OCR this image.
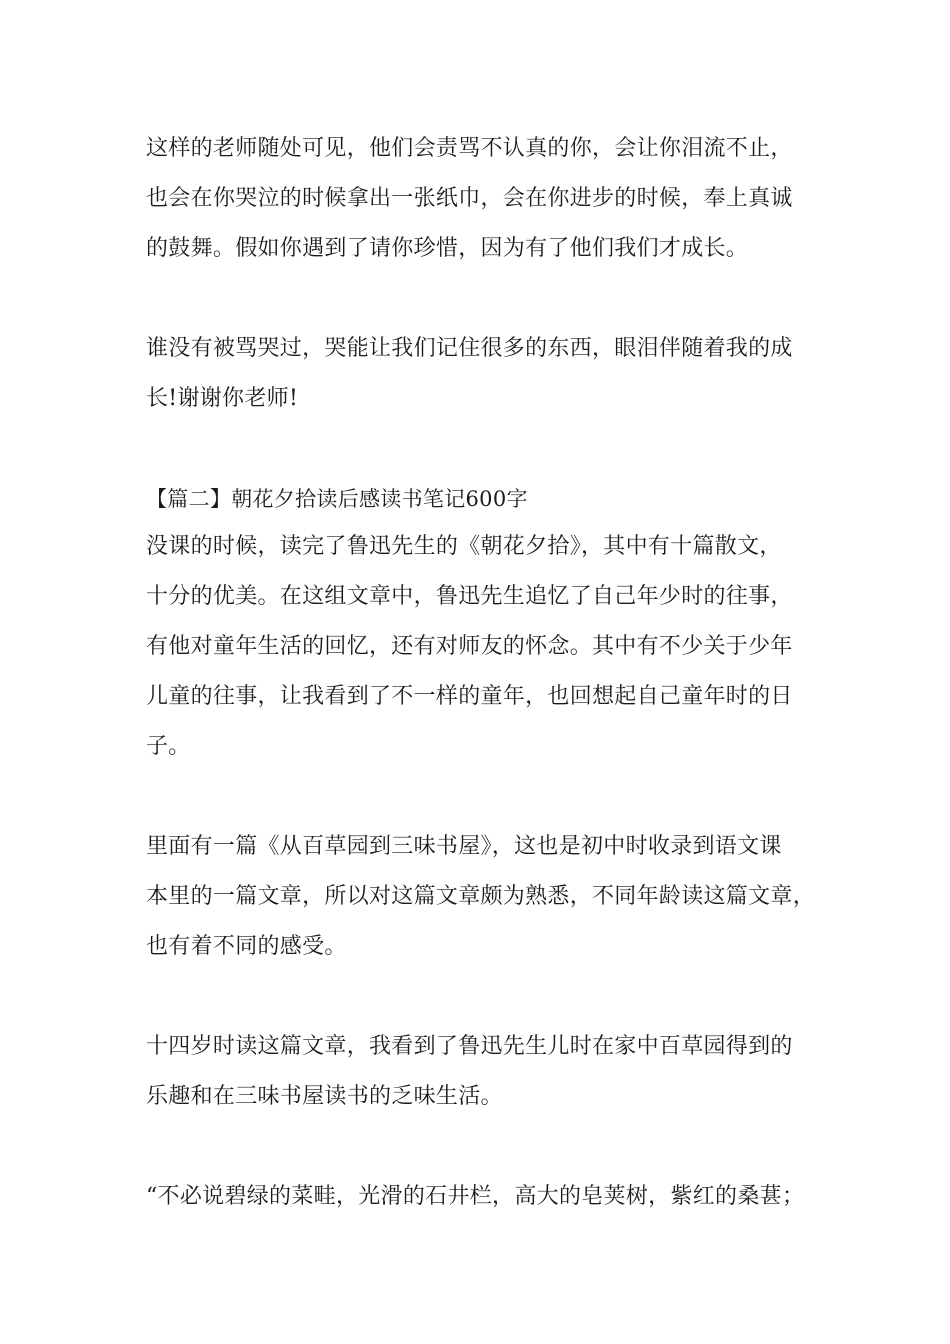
这样的老师随处可见，他们会责骂不认真的你，会让你泪流不止，
也会在你哭泣的时候拿出一张纸巾，会在你进步的时候，奉上真诚
的鼓舞。假如你遇到了请你珍惜，因为有了他们我们才成长。
谁没有被骂哭过，哭能让我们记住很多的东西，眼泪伴随着我的成
长!谢谢你老师!
【篇二】朝花夕拾读后感读书笔记600字
没课的时候，读完了鲁迅先生的《朝花夕拾》，其中有十篇散文，
十分的优美。在这组文章中，鲁迅先生追忆了自己年少时的往事，
有他对童年生活的回忆，还有对师友的怀念。其中有不少关于少年
儿童的往事，让我看到了不一样的童年，也回想起自己童年时的日
子。
里面有一篇《从百草园到三味书屋》，这也是初中时收录到语文课
本里的一篇文章，所以对这篇文章颇为熟悉，不同年龄读这篇文章，
也有着不同的感受。
十四岁时读这篇文章，我看到了鲁迅先生儿时在家中百草园得到的
乐趣和在三味书屋读书的乏味生活。
“不必说碧绿的菜畦，光滑的石井栏，高大的皂荚树，紫红的桑葚；
